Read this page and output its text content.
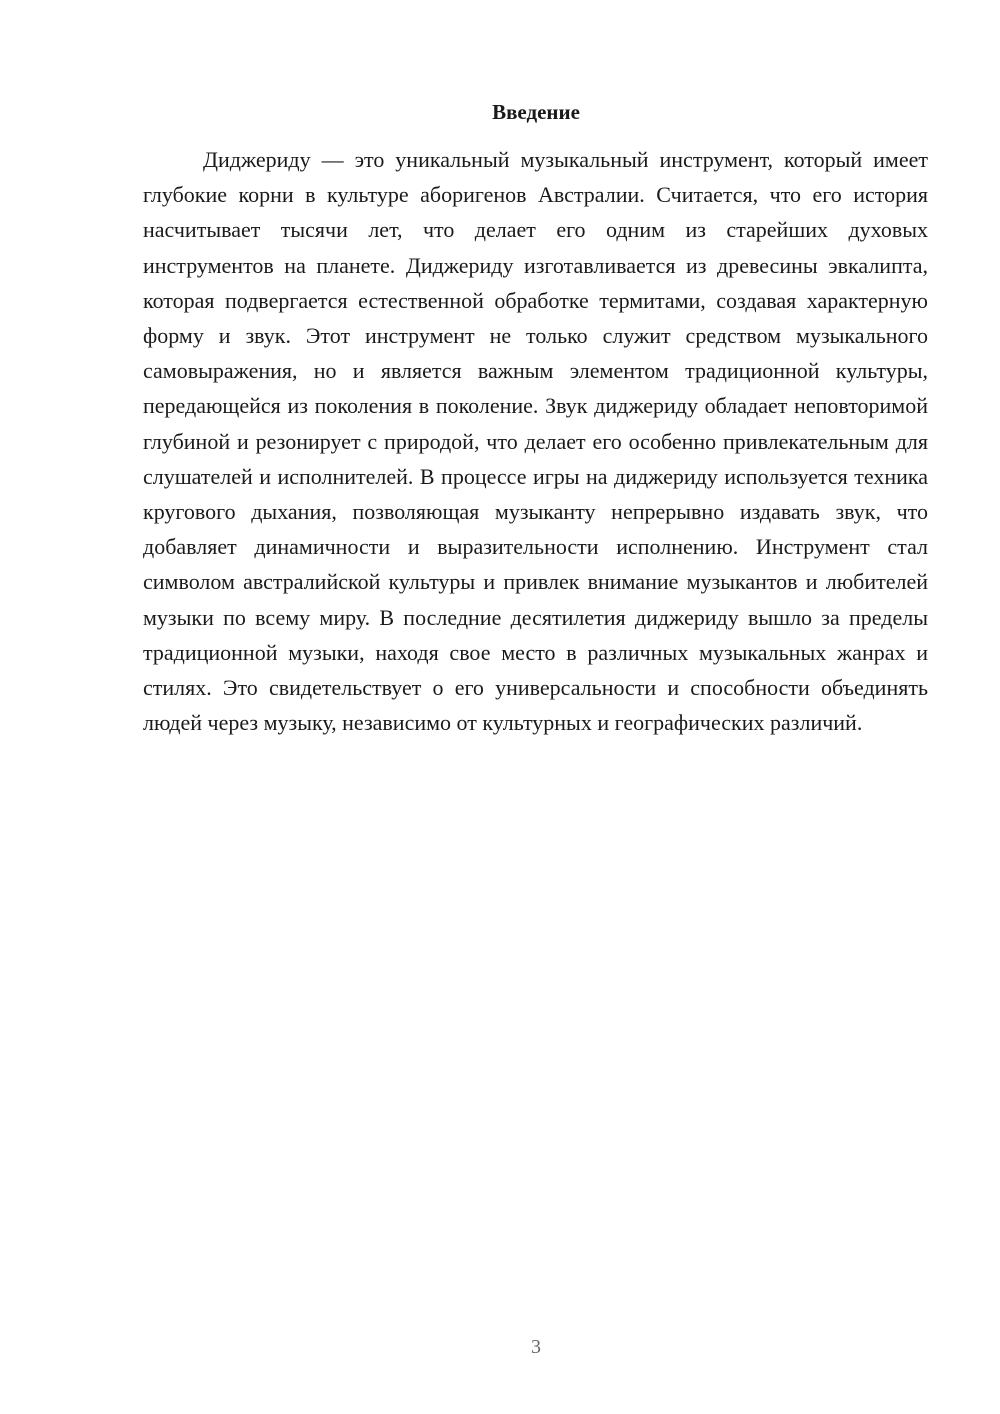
Введение

Диджериду — это уникальный музыкальный инструмент, который имеет глубокие корни в культуре аборигенов Австралии. Считается, что его история насчитывает тысячи лет, что делает его одним из старейших духовых инструментов на планете. Диджериду изготавливается из древесины эвкалипта, которая подвергается естественной обработке термитами, создавая характерную форму и звук. Этот инструмент не только служит средством музыкального самовыражения, но и является важным элементом традиционной культуры, передающейся из поколения в поколение. Звук диджериду обладает неповторимой глубиной и резонирует с природой, что делает его особенно привлекательным для слушателей и исполнителей. В процессе игры на диджериду используется техника кругового дыхания, позволяющая музыканту непрерывно издавать звук, что добавляет динамичности и выразительности исполнению. Инструмент стал символом австралийской культуры и привлек внимание музыкантов и любителей музыки по всему миру. В последние десятилетия диджериду вышло за пределы традиционной музыки, находя свое место в различных музыкальных жанрах и стилях. Это свидетельствует о его универсальности и способности объединять людей через музыку, независимо от культурных и географических различий.

3
